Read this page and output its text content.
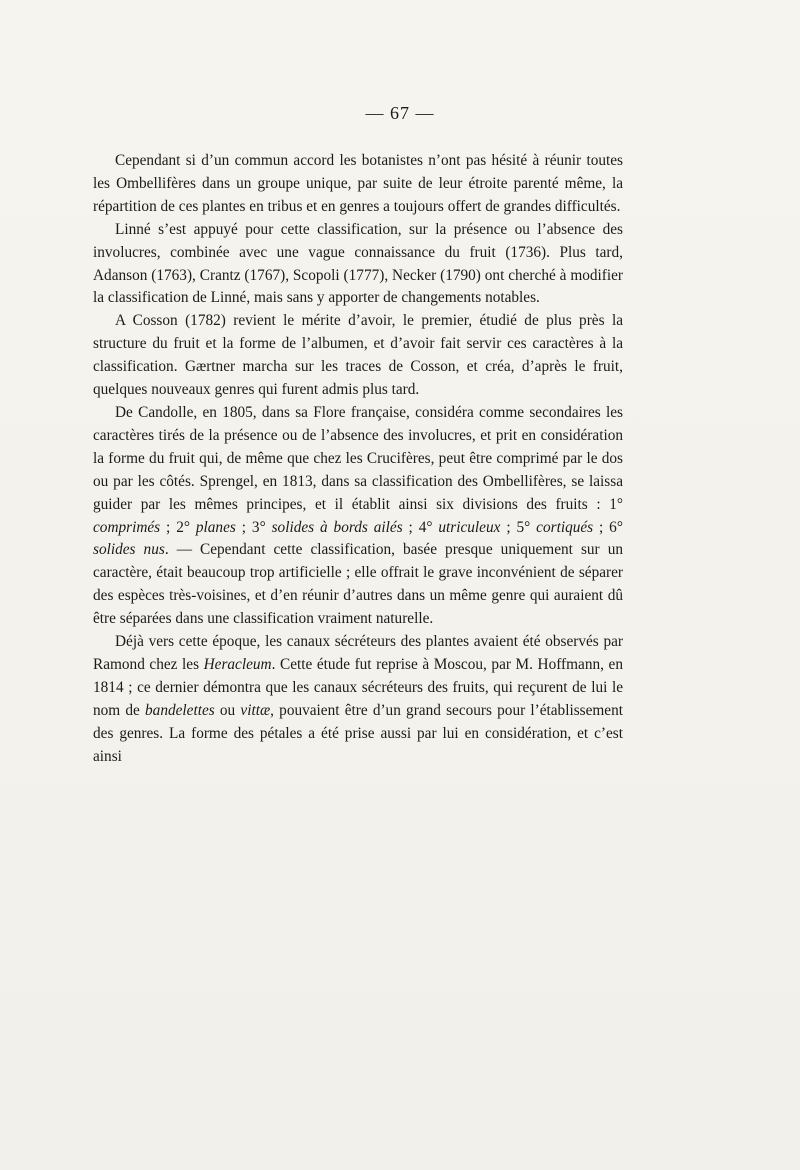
— 67 —

Cependant si d’un commun accord les botanistes n’ont pas hésité à réunir toutes les Ombellifères dans un groupe unique, par suite de leur étroite parenté même, la répartition de ces plantes en tribus et en genres a toujours offert de grandes difficultés.

Linné s’est appuyé pour cette classification, sur la présence ou l’absence des involucres, combinée avec une vague connaissance du fruit (1736). Plus tard, Adanson (1763), Crantz (1767), Scopoli (1777), Necker (1790) ont cherché à modifier la classification de Linné, mais sans y apporter de changements notables.

A Cosson (1782) revient le mérite d’avoir, le premier, étudié de plus près la structure du fruit et la forme de l’albumen, et d’avoir fait servir ces caractères à la classification. Gærtner marcha sur les traces de Cosson, et créa, d’après le fruit, quelques nouveaux genres qui furent admis plus tard.

De Candolle, en 1805, dans sa Flore française, considéra comme secondaires les caractères tirés de la présence ou de l’absence des involucres, et prit en considération la forme du fruit qui, de même que chez les Crucifères, peut être comprimé par le dos ou par les côtés. Sprengel, en 1813, dans sa classification des Ombellifères, se laissa guider par les mêmes principes, et il établit ainsi six divisions des fruits : 1° comprimés ; 2° planes ; 3° solides à bords ailés ; 4° utriculeux ; 5° cortiqués ; 6° solides nus. — Cependant cette classification, basée presque uniquement sur un caractère, était beaucoup trop artificielle ; elle offrait le grave inconvénient de séparer des espèces très-voisines, et d’en réunir d’autres dans un même genre qui auraient dû être séparées dans une classification vraiment naturelle.

Déjà vers cette époque, les canaux sécréteurs des plantes avaient été observés par Ramond chez les Heracleum. Cette étude fut reprise à Moscou, par M. Hoffmann, en 1814 ; ce dernier démontra que les canaux sécréteurs des fruits, qui reçurent de lui le nom de bandelettes ou vittæ, pouvaient être d’un grand secours pour l’établissement des genres. La forme des pétales a été prise aussi par lui en considération, et c’est ainsi
